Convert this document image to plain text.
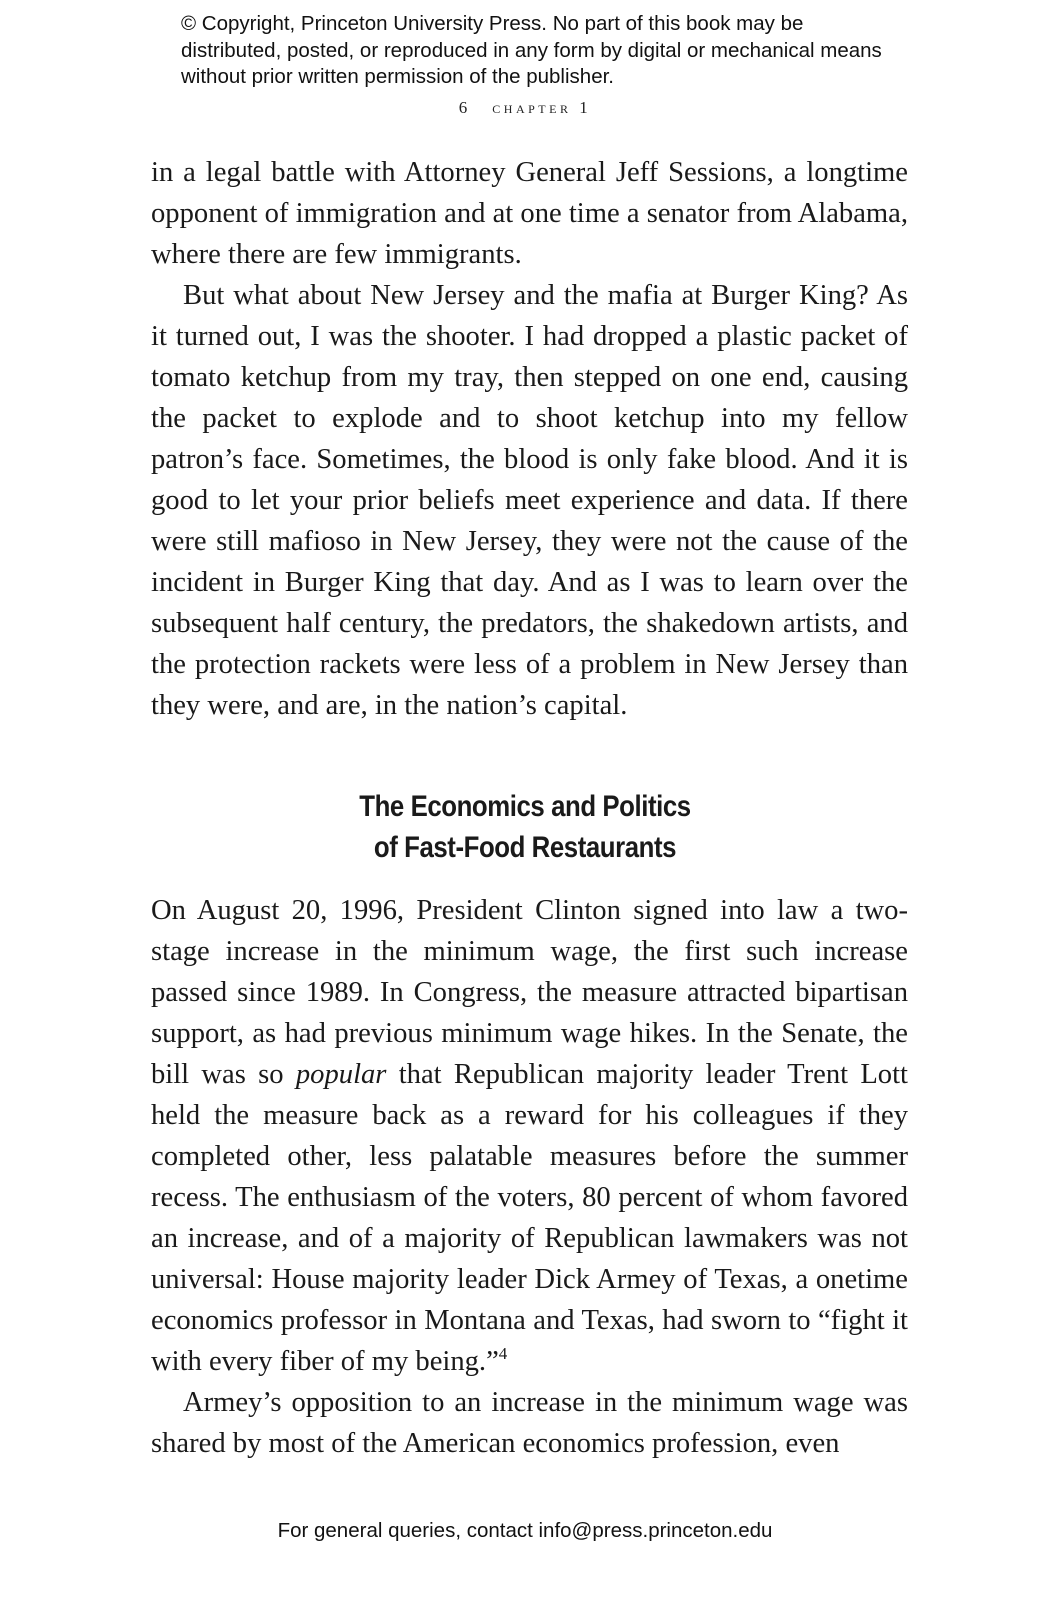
© Copyright, Princeton University Press. No part of this book may be distributed, posted, or reproduced in any form by digital or mechanical means without prior written permission of the publisher.
6 chapter 1

in a legal battle with Attorney General Jeff Sessions, a longtime opponent of immigration and at one time a senator from Alabama, where there are few immigrants.

But what about New Jersey and the mafia at Burger King? As it turned out, I was the shooter. I had dropped a plastic packet of tomato ketchup from my tray, then stepped on one end, causing the packet to explode and to shoot ketchup into my fellow patron’s face. Sometimes, the blood is only fake blood. And it is good to let your prior beliefs meet experience and data. If there were still mafioso in New Jersey, they were not the cause of the incident in Burger King that day. And as I was to learn over the subsequent half century, the predators, the shakedown artists, and the protection rackets were less of a problem in New Jersey than they were, and are, in the nation’s capital.

The Economics and Politics
of Fast-Food Restaurants

On August 20, 1996, President Clinton signed into law a two-stage increase in the minimum wage, the first such increase passed since 1989. In Congress, the measure attracted bipartisan support, as had previous minimum wage hikes. In the Senate, the bill was so popular that Republican majority leader Trent Lott held the measure back as a reward for his colleagues if they completed other, less palatable measures before the summer recess. The enthusiasm of the voters, 80 percent of whom favored an increase, and of a majority of Republican lawmakers was not universal: House majority leader Dick Armey of Texas, a onetime economics professor in Montana and Texas, had sworn to “fight it with every fiber of my being.”$^4$

Armey’s opposition to an increase in the minimum wage was shared by most of the American economics profession, even

For general queries, contact info@press.princeton.edu
